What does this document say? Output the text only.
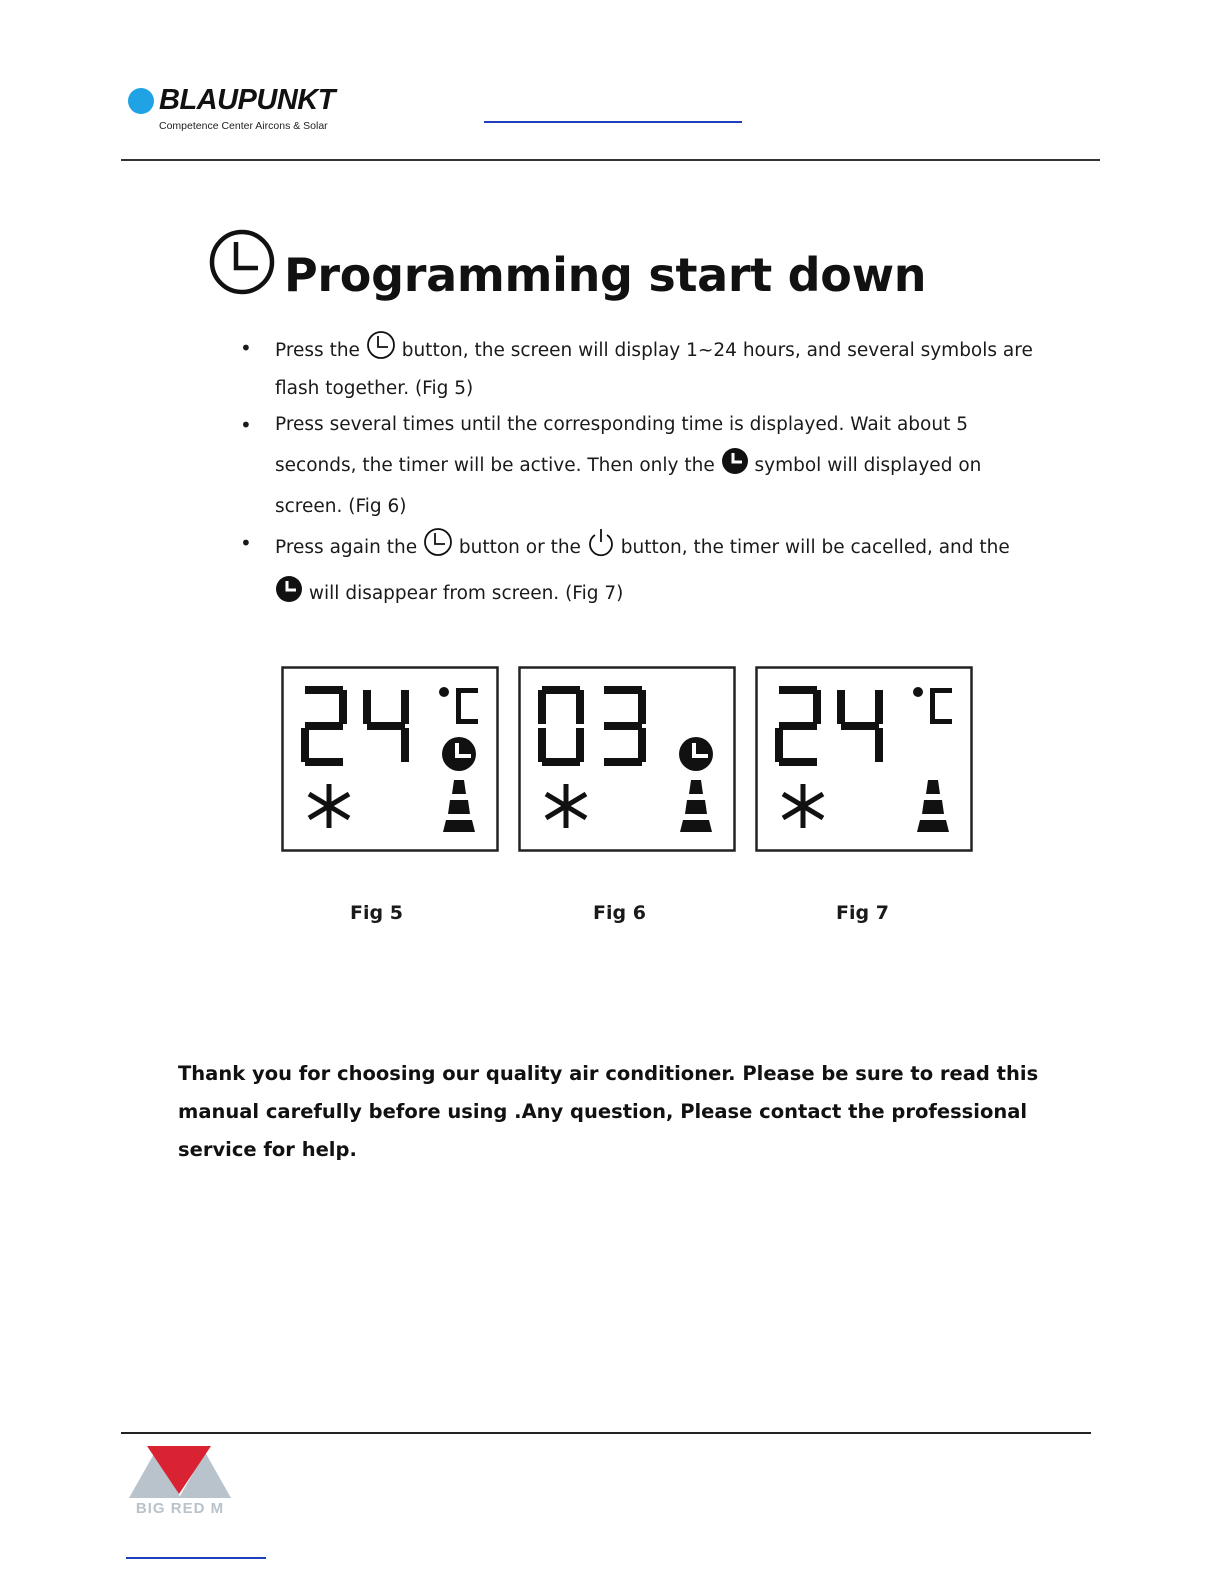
BLAUPUNKT
Competence Center Aircons & Solar
Programming start down
• Press the button, the screen will display 1~24 hours, and several symbols are
flash together. (Fig 5)
• Press several times until the corresponding time is displayed. Wait about 5
seconds, the timer will be active. Then only the symbol will displayed on
screen. (Fig 6)
• Press again the button or the button, the timer will be cacelled, and the
will disappear from screen. (Fig 7)
Fig 5	Fig 6	Fig 7
Thank you for choosing our quality air conditioner. Please be sure to read this manual carefully before using .Any question, Please contact the professional service for help.
BIG RED M
